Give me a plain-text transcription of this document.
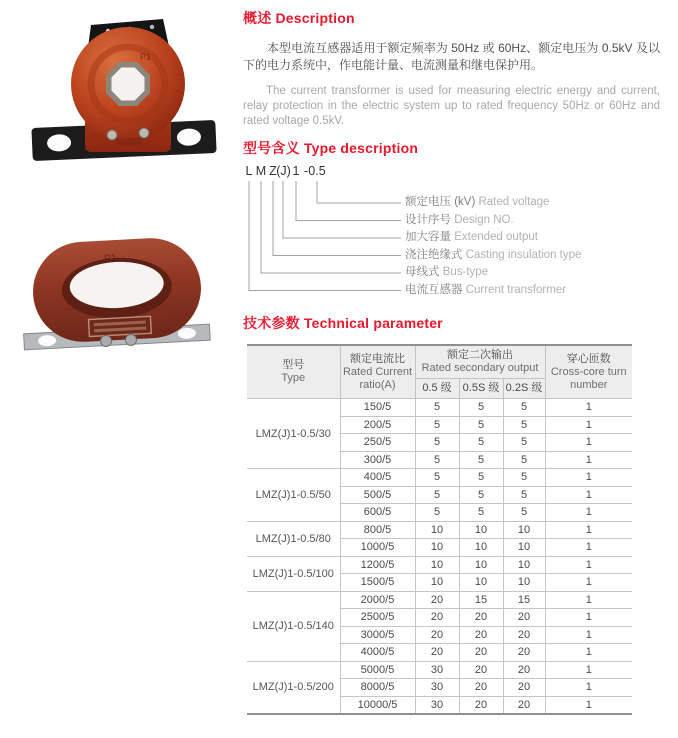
P1
P1
概述 Description

本型电流互感器适用于额定频率为 50Hz 或 60Hz、额定电压为 0.5kV 及以下的电力系统中，作电能计量、电流测量和继电保护用。

The current transformer is used for measuring electric energy and current, relay protection in the electric system up to rated frequency 50Hz or 60Hz and rated voltage 0.5kV.

型号含义 Type description
L M Z (J) 1 - 0.5
额定电压 (kV) Rated voltage
设计序号 Design NO.
加大容量 Extended output
浇注绝缘式 Casting insulation type
母线式 Bus-type
电流互感器 Current transformer
技术参数 Technical parameter
型号
Type	额定电流比
Rated Current
ratio(A)	额定二次输出
Rated secondary output			穿心匝数
Cross-core turn
number
		0.5 级	0.5S 级	0.2S 级	
LMZ(J)1-0.5/30	150/5	5	5	5	1
	200/5	5	5	5	1
	250/5	5	5	5	1
	300/5	5	5	5	1
LMZ(J)1-0.5/50	400/5	5	5	5	1
	500/5	5	5	5	1
	600/5	5	5	5	1
LMZ(J)1-0.5/80	800/5	10	10	10	1
	1000/5	10	10	10	1
LMZ(J)1-0.5/100	1200/5	10	10	10	1
	1500/5	10	10	10	1
LMZ(J)1-0.5/140	2000/5	20	15	15	1
	2500/5	20	20	20	1
	3000/5	20	20	20	1
	4000/5	20	20	20	1
LMZ(J)1-0.5/200	5000/5	30	20	20	1
	8000/5	30	20	20	1
	10000/5	30	20	20	1
